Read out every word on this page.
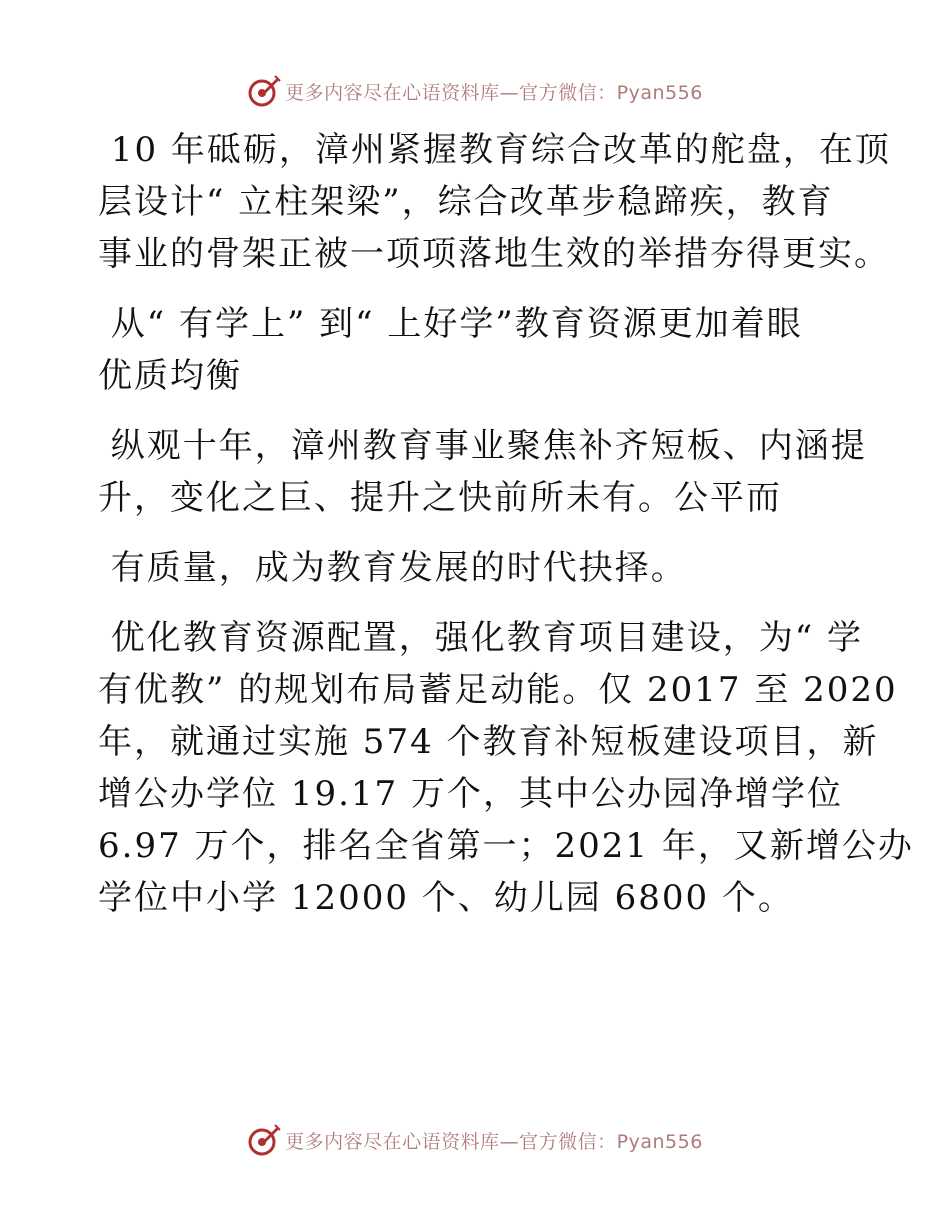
更多内容尽在心语资料库—官方微信：Pyan556

10 年砥砺，漳州紧握教育综合改革的舵盘，在顶
层设计“ 立柱架梁”，综合改革步稳蹄疾，教育
事业的骨架正被一项项落地生效的举措夯得更实。

从“ 有学上” 到“ 上好学”教育资源更加着眼
优质均衡

纵观十年，漳州教育事业聚焦补齐短板、内涵提
升，变化之巨、提升之快前所未有。公平而

有质量，成为教育发展的时代抉择。

优化教育资源配置，强化教育项目建设，为“ 学
有优教” 的规划布局蓄足动能。仅 2017 至 2020
年，就通过实施 574 个教育补短板建设项目，新
增公办学位 19.17 万个，其中公办园净增学位
6.97 万个，排名全省第一；2021 年，又新增公办
学位中小学 12000 个、幼儿园 6800 个。

更多内容尽在心语资料库—官方微信：Pyan556
